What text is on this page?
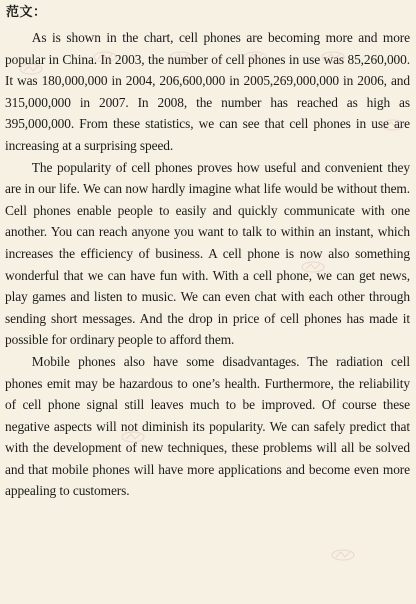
范文：

As is shown in the chart, cell phones are becoming more and more popular in China. In 2003, the number of cell phones in use was 85,260,000. It was 180,000,000 in 2004, 206,600,000 in 2005,269,000,000 in 2006, and 315,000,000 in 2007. In 2008, the number has reached as high as 395,000,000. From these statistics, we can see that cell phones in use are increasing at a surprising speed.

The popularity of cell phones proves how useful and convenient they are in our life. We can now hardly imagine what life would be without them. Cell phones enable people to easily and quickly communicate with one another. You can reach anyone you want to talk to within an instant, which increases the efficiency of business. A cell phone is now also something wonderful that we can have fun with. With a cell phone, we can get news, play games and listen to music. We can even chat with each other through sending short messages. And the drop in price of cell phones has made it possible for ordinary people to afford them.

Mobile phones also have some disadvantages. The radiation cell phones emit may be hazardous to one’s health. Furthermore, the reliability of cell phone signal still leaves much to be improved. Of course these negative aspects will not diminish its popularity. We can safely predict that with the development of new techniques, these problems will all be solved and that mobile phones will have more applications and become even more appealing to customers.
